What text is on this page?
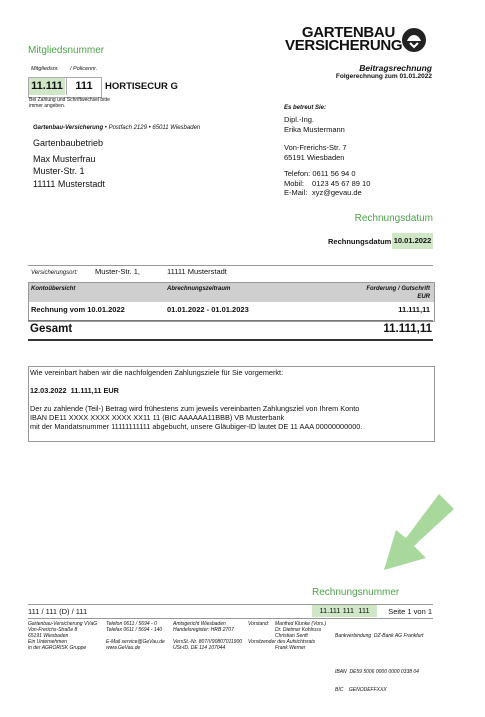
Mitgliedsnummer
GARTENBAU
VERSICHERUNG
Beitragsrechnung
Folgerechnung zum 01.01.2022
Mitgliedsnr. / Policennr.
11.111	111	HORTISECUR G
Bei Zahlung und Schriftwechsel bitte
immer angeben.
Gartenbau-Versicherung • Postfach 2129 • 65011 Wiesbaden
Gartenbaubetrieb
Max Musterfrau
Muster-Str. 1
11111 Musterstadt
Es betreut Sie:
Dipl.-Ing.
Erika Mustermann
Von-Frerichs-Str. 7
65191 Wiesbaden
Telefon: 0611 56 94 0
Mobil: 0123 45 67 89 10
E-Mail: xyz@gevau.de
Rechnungsdatum
Rechnungsdatum 10.01.2022
Versicherungsort: Muster-Str. 1,	11111 Musterstadt
Kontoübersicht	Abrechnungszeitraum	Forderung / Gutschrift
EUR
Rechnung vom 10.01.2022	01.01.2022 - 01.01.2023	11.111,11
Gesamt	11.111,11
Wie vereinbart haben wir die nachfolgenden Zahlungsziele für Sie vorgemerkt:
12.03.2022  11.111,11 EUR
Der zu zahlende (Teil-) Betrag wird frühestens zum jeweils vereinbarten Zahlungsziel von Ihrem Konto
IBAN DE11 XXXX XXXX XXXX XX11 11 (BIC AAAAAA11BBB) VB Musterbank
mit der Mandatsnummer 11111111111 abgebucht, unsere Gläubiger-ID lautet DE 11 AAA 00000000000.
Rechnungsnummer
111 / 111 (D) / 111	11.111 111  111	Seite 1 von 1
Gartenbau-Versicherung VVaG
Von-Frerichs-Straße 8
65191 Wiesbaden
Ein Unternehmen
in der AGRORISK Gruppe
Telefon 0611 / 5694 - 0
Telefax 0611 / 5694 - 140
E-Mail service@GeVau.de
www.GeVau.de
Amtsgericht Wiesbaden
Handelsregister: HRB 2707
VersSt.-Nr. 807/V90807011900
USt-ID. DE 114 107044
Vorstand:
Vorsitzender des Aufsichtsrats
Manfred Klunke (Vors.)
Dr. Dietmar Kohlruss
Christian Senft
Frank Werner

Bankverbindung  DZ-Bank AG Frankfurt

IBAN  DE59 5006 0000 0000 0338 04

BIC    GENODEFFXXX
